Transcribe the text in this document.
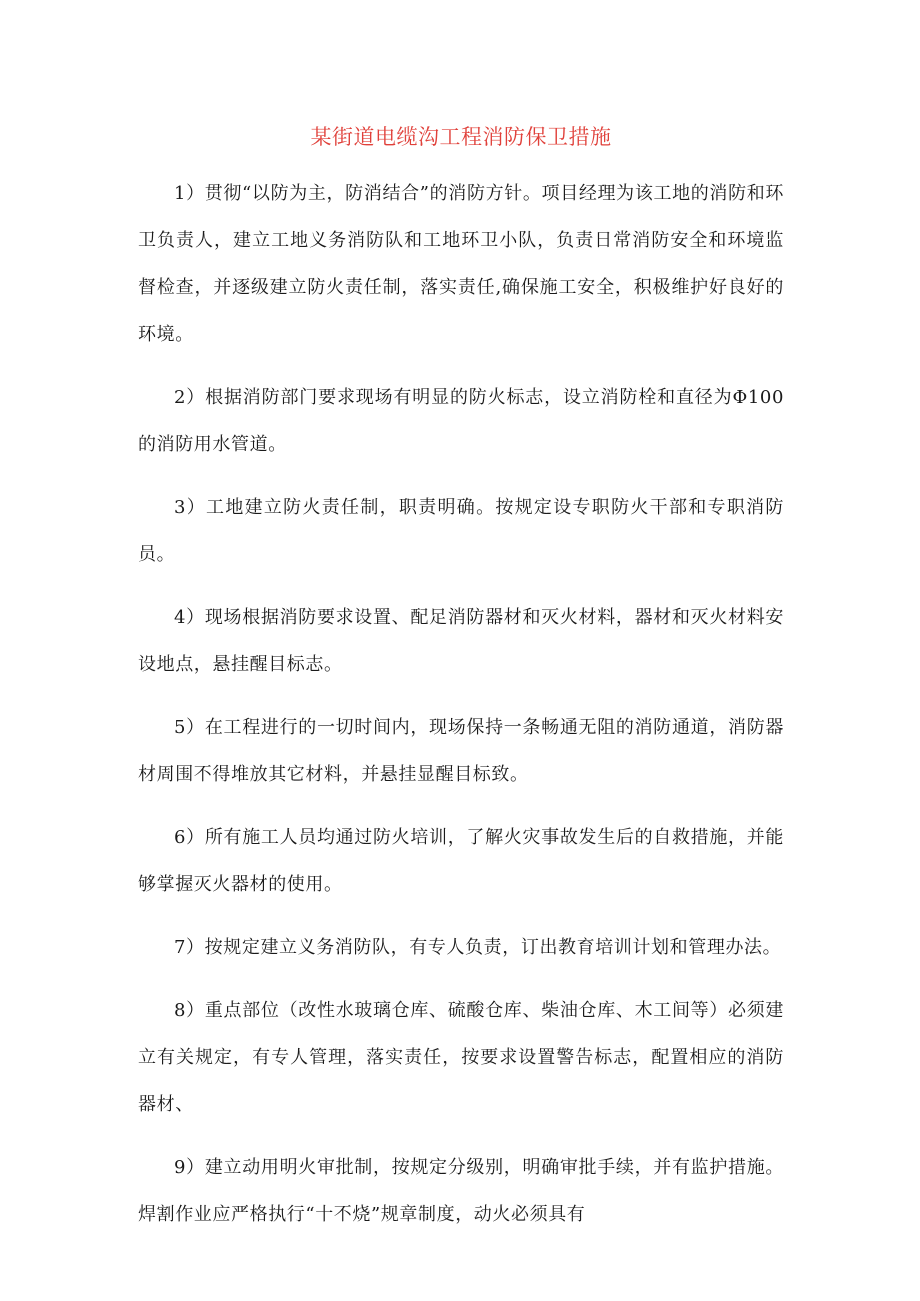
某街道电缆沟工程消防保卫措施

1）贯彻“以防为主，防消结合”的消防方针。项目经理为该工地的消防和环卫负责人，建立工地义务消防队和工地环卫小队，负责日常消防安全和环境监督检查，并逐级建立防火责任制，落实责任,确保施工安全，积极维护好良好的环境。

2）根据消防部门要求现场有明显的防火标志，设立消防栓和直径为Φ100的消防用水管道。

3）工地建立防火责任制，职责明确。按规定设专职防火干部和专职消防员。

4）现场根据消防要求设置、配足消防器材和灭火材料，器材和灭火材料安设地点，悬挂醒目标志。

5）在工程进行的一切时间内，现场保持一条畅通无阻的消防通道，消防器材周围不得堆放其它材料，并悬挂显醒目标致。

6）所有施工人员均通过防火培训，了解火灾事故发生后的自救措施，并能够掌握灭火器材的使用。

7）按规定建立义务消防队，有专人负责，订出教育培训计划和管理办法。

8）重点部位（改性水玻璃仓库、硫酸仓库、柴油仓库、木工间等）必须建立有关规定，有专人管理，落实责任，按要求设置警告标志，配置相应的消防器材、

9）建立动用明火审批制，按规定分级别，明确审批手续，并有监护措施。焊割作业应严格执行“十不烧”规章制度，动火必须具有
